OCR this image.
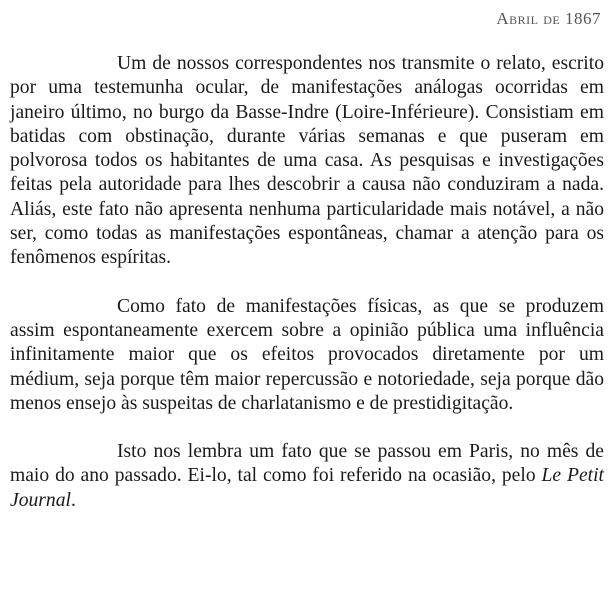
Abril de 1867

Um de nossos correspondentes nos transmite o relato, escrito por uma testemunha ocular, de manifestações análogas ocorridas em janeiro último, no burgo da Basse-Indre (Loire-Inférieure). Consistiam em batidas com obstinação, durante várias semanas e que puseram em polvorosa todos os habitantes de uma casa. As pesquisas e investigações feitas pela autoridade para lhes descobrir a causa não conduziram a nada. Aliás, este fato não apresenta nenhuma particularidade mais notável, a não ser, como todas as manifestações espontâneas, chamar a atenção para os fenômenos espíritas.

Como fato de manifestações físicas, as que se produzem assim espontaneamente exercem sobre a opinião pública uma influência infinitamente maior que os efeitos provocados diretamente por um médium, seja porque têm maior repercussão e notoriedade, seja porque dão menos ensejo às suspeitas de charlatanismo e de prestidigitação.

Isto nos lembra um fato que se passou em Paris, no mês de maio do ano passado. Ei-lo, tal como foi referido na ocasião, pelo Le Petit Journal.
